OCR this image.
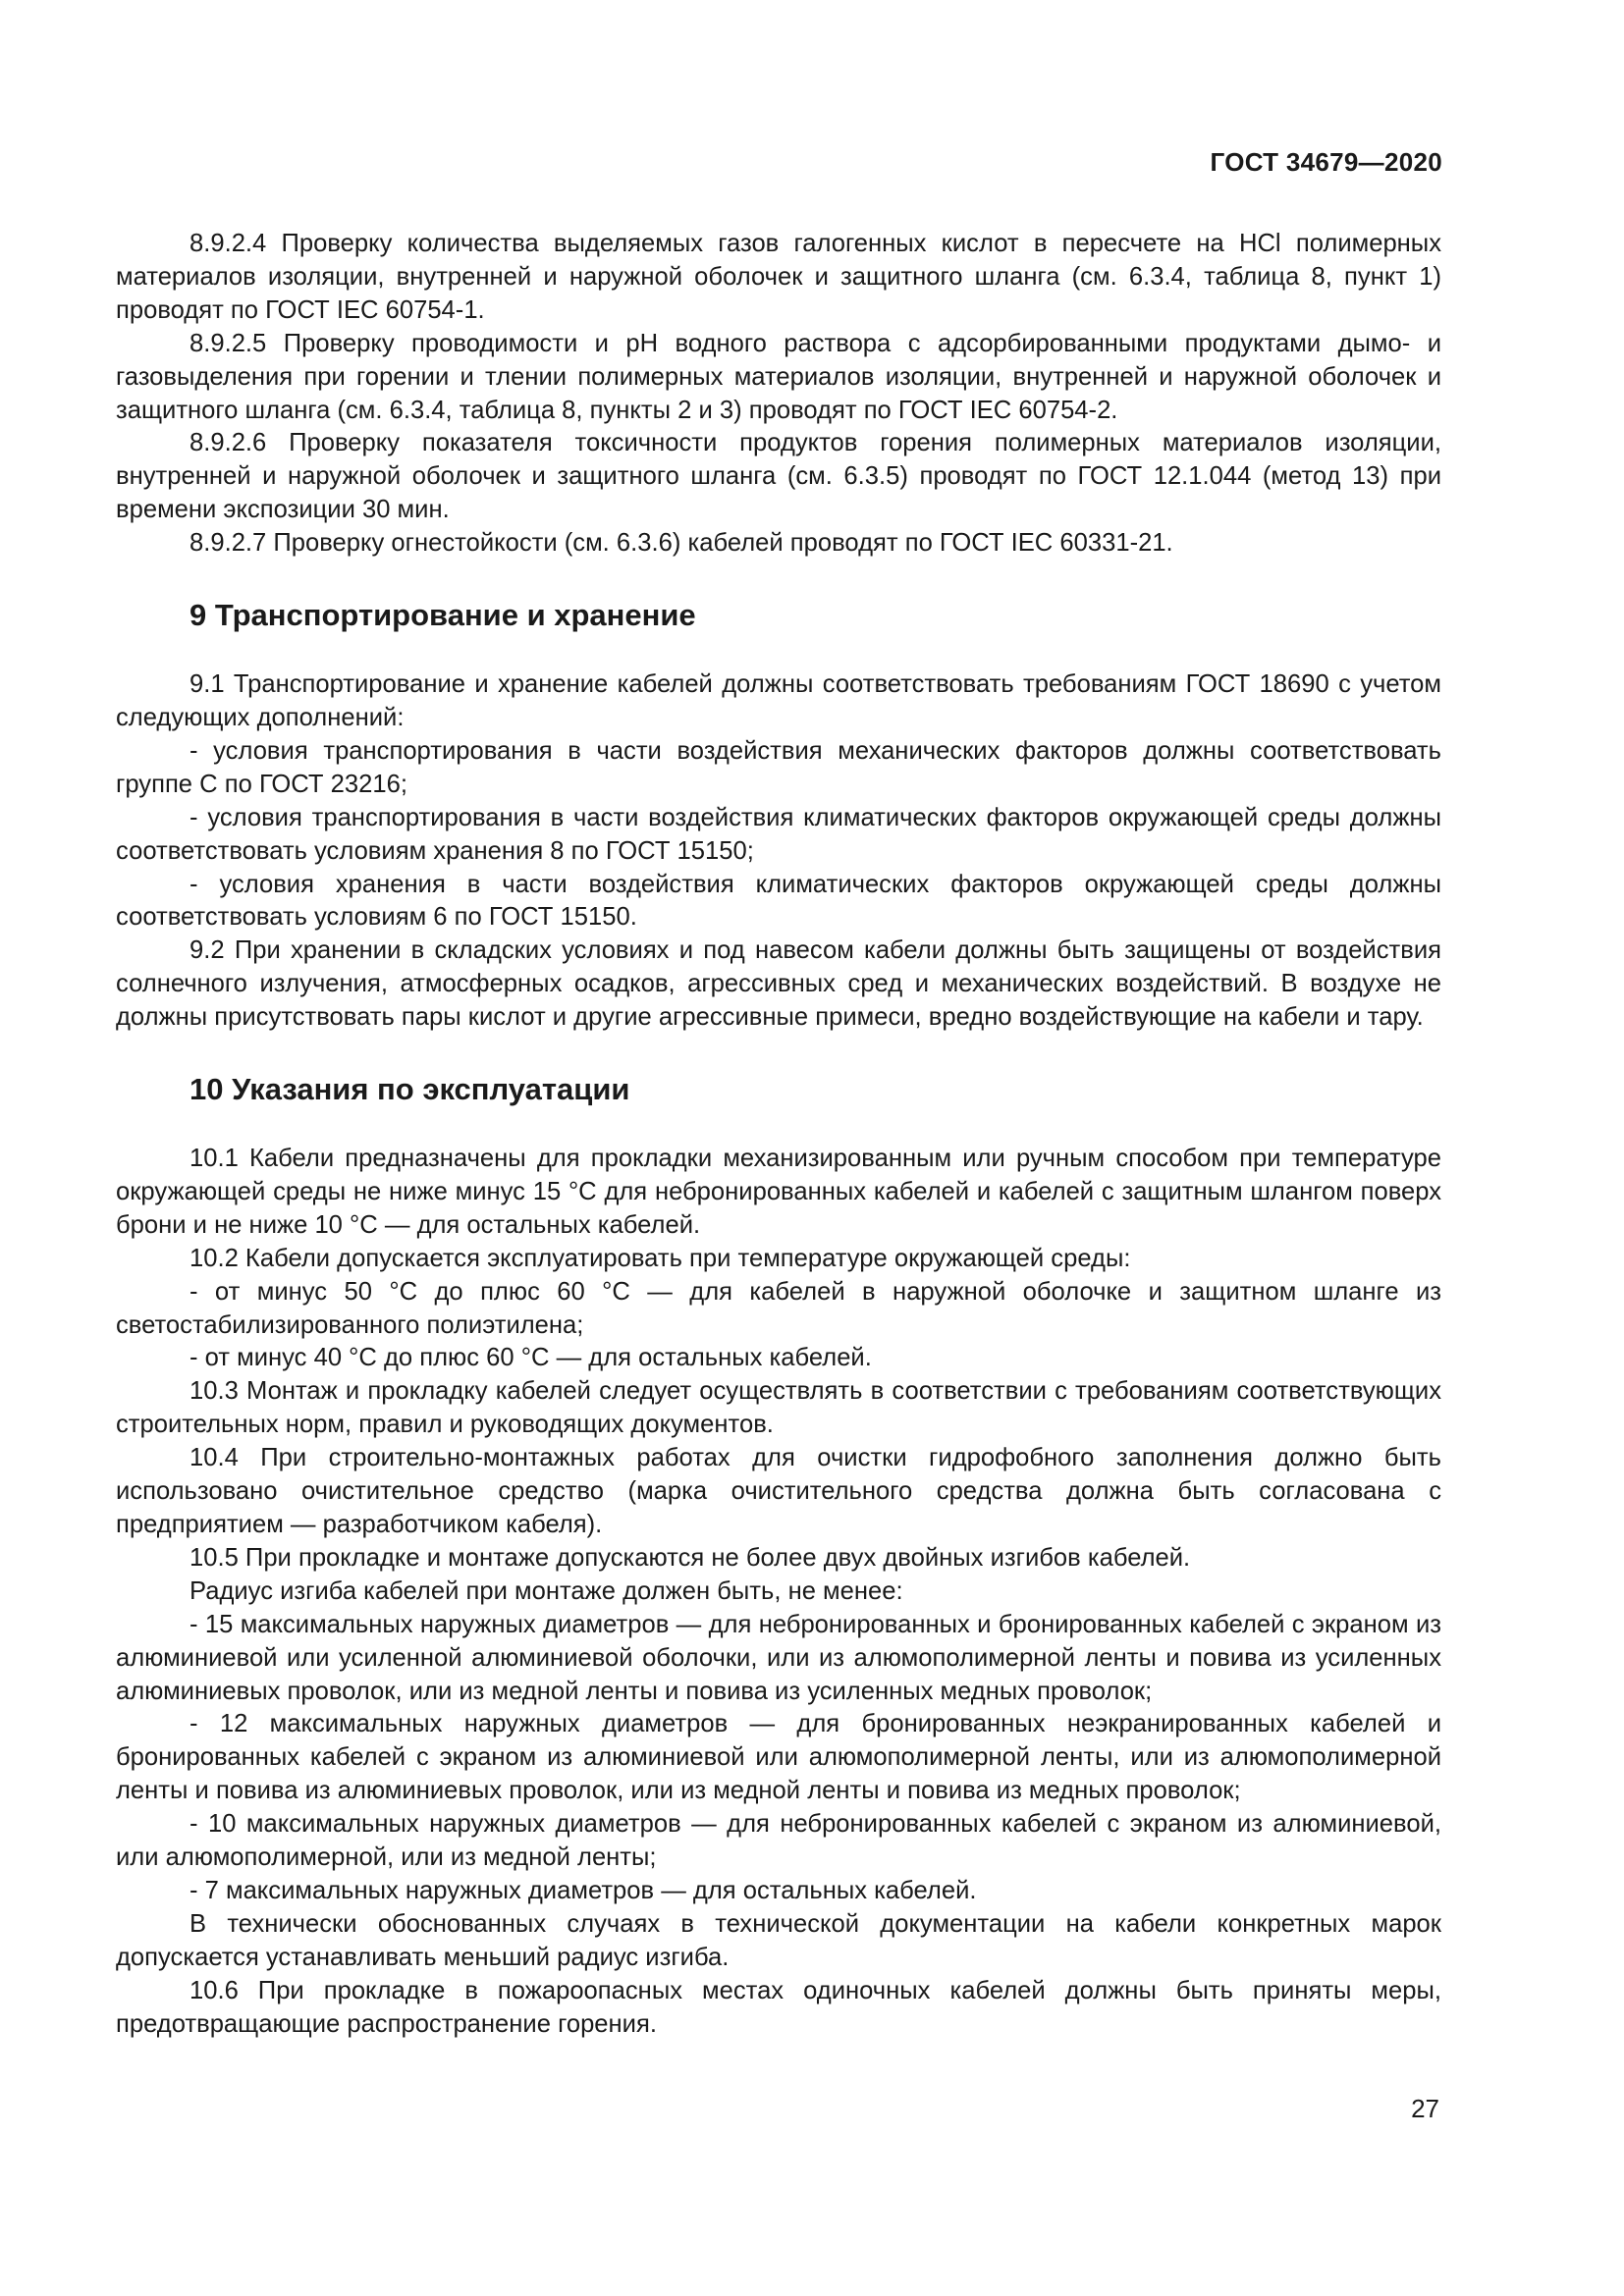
ГОСТ 34679—2020

8.9.2.4 Проверку количества выделяемых газов галогенных кислот в пересчете на HCl полимерных материалов изоляции, внутренней и наружной оболочек и защитного шланга (см. 6.3.4, таблица 8, пункт 1) проводят по ГОСТ IEC 60754-1.

8.9.2.5 Проверку проводимости и pH водного раствора с адсорбированными продуктами дымо- и газовыделения при горении и тлении полимерных материалов изоляции, внутренней и наружной оболочек и защитного шланга (см. 6.3.4, таблица 8, пункты 2 и 3) проводят по ГОСТ IEC 60754-2.

8.9.2.6 Проверку показателя токсичности продуктов горения полимерных материалов изоляции, внутренней и наружной оболочек и защитного шланга (см. 6.3.5) проводят по ГОСТ 12.1.044 (метод 13) при времени экспозиции 30 мин.

8.9.2.7 Проверку огнестойкости (см. 6.3.6) кабелей проводят по ГОСТ IEC 60331-21.

9 Транспортирование и хранение

9.1 Транспортирование и хранение кабелей должны соответствовать требованиям ГОСТ 18690 с учетом следующих дополнений:

- условия транспортирования в части воздействия механических факторов должны соответствовать группе С по ГОСТ 23216;

- условия транспортирования в части воздействия климатических факторов окружающей среды должны соответствовать условиям хранения 8 по ГОСТ 15150;

- условия хранения в части воздействия климатических факторов окружающей среды должны соответствовать условиям 6 по ГОСТ 15150.

9.2 При хранении в складских условиях и под навесом кабели должны быть защищены от воздействия солнечного излучения, атмосферных осадков, агрессивных сред и механических воздействий. В воздухе не должны присутствовать пары кислот и другие агрессивные примеси, вредно воздействующие на кабели и тару.

10 Указания по эксплуатации

10.1 Кабели предназначены для прокладки механизированным или ручным способом при температуре окружающей среды не ниже минус 15 °С для небронированных кабелей и кабелей с защитным шлангом поверх брони и не ниже 10 °С — для остальных кабелей.

10.2 Кабели допускается эксплуатировать при температуре окружающей среды:

- от минус 50 °С до плюс 60 °С — для кабелей в наружной оболочке и защитном шланге из светостабилизированного полиэтилена;

- от минус 40 °С до плюс 60 °С — для остальных кабелей.

10.3 Монтаж и прокладку кабелей следует осуществлять в соответствии с требованиям соответствующих строительных норм, правил и руководящих документов.

10.4 При строительно-монтажных работах для очистки гидрофобного заполнения должно быть использовано очистительное средство (марка очистительного средства должна быть согласована с предприятием — разработчиком кабеля).

10.5 При прокладке и монтаже допускаются не более двух двойных изгибов кабелей.

Радиус изгиба кабелей при монтаже должен быть, не менее:

- 15 максимальных наружных диаметров — для небронированных и бронированных кабелей с экраном из алюминиевой или усиленной алюминиевой оболочки, или из алюмополимерной ленты и повива из усиленных алюминиевых проволок, или из медной ленты и повива из усиленных медных проволок;

- 12 максимальных наружных диаметров — для бронированных неэкранированных кабелей и бронированных кабелей с экраном из алюминиевой или алюмополимерной ленты, или из алюмополимерной ленты и повива из алюминиевых проволок, или из медной ленты и повива из медных проволок;

- 10 максимальных наружных диаметров — для небронированных кабелей с экраном из алюминиевой, или алюмополимерной, или из медной ленты;

- 7 максимальных наружных диаметров — для остальных кабелей.

В технически обоснованных случаях в технической документации на кабели конкретных марок допускается устанавливать меньший радиус изгиба.

10.6 При прокладке в пожароопасных местах одиночных кабелей должны быть приняты меры, предотвращающие распространение горения.

27
